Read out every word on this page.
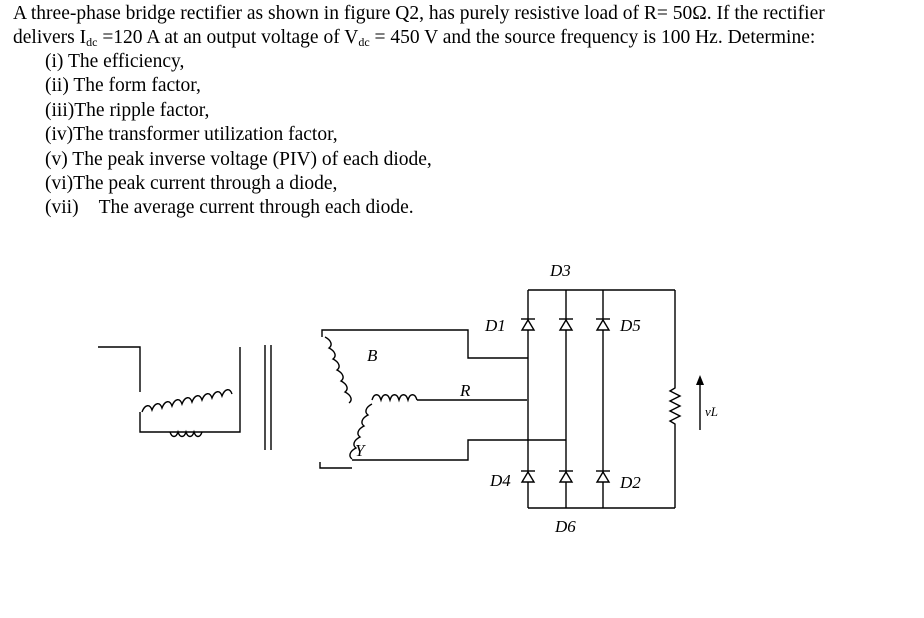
A three-phase bridge rectifier as shown in figure Q2, has purely resistive load of R= 50Ω. If the rectifier
delivers $I_{dc} =120$ A at an output voltage of $V_{dc} = 450$ V and the source frequency is 100 Hz. Determine:
(i) The efficiency,
(ii) The form factor,
(iii)The ripple factor,
(iv)The transformer utilization factor,
(v) The peak inverse voltage (PIV) of each diode,
(vi)The peak current through a diode,
(vii) The average current through each diode.
B
R
Y
D1
D3
D5
D4	D2
D6
vL
